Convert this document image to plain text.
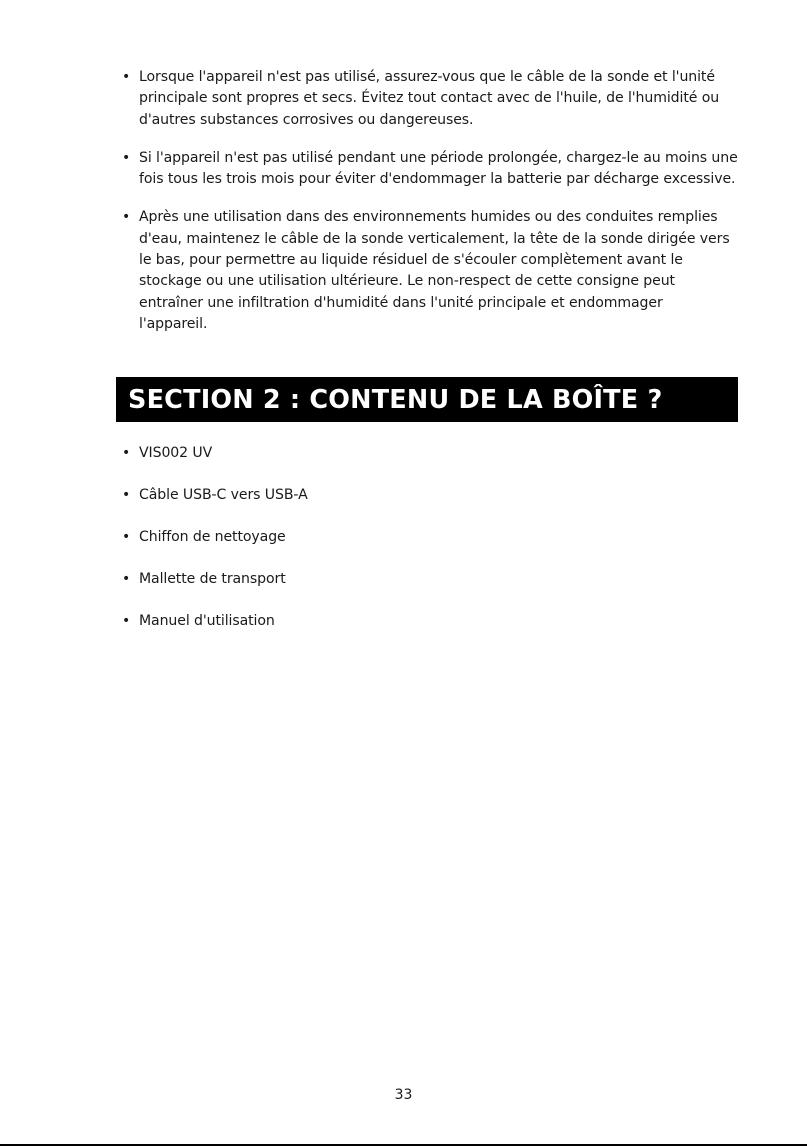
• Lorsque l'appareil n'est pas utilisé, assurez-vous que le câble de la sonde et l'unité principale sont propres et secs. Évitez tout contact avec de l'huile, de l'humidité ou d'autres substances corrosives ou dangereuses.
• Si l'appareil n'est pas utilisé pendant une période prolongée, chargez-le au moins une fois tous les trois mois pour éviter d'endommager la batterie par décharge excessive.
• Après une utilisation dans des environnements humides ou des conduites remplies d'eau, maintenez le câble de la sonde verticalement, la tête de la sonde dirigée vers le bas, pour permettre au liquide résiduel de s'écouler complètement avant le stockage ou une utilisation ultérieure. Le non-respect de cette consigne peut entraîner une infiltration d'humidité dans l'unité principale et endommager l'appareil.
SECTION 2 : CONTENU DE LA BOÎTE ?
• VIS002 UV
• Câble USB-C vers USB-A
• Chiffon de nettoyage
• Mallette de transport
• Manuel d'utilisation
33
